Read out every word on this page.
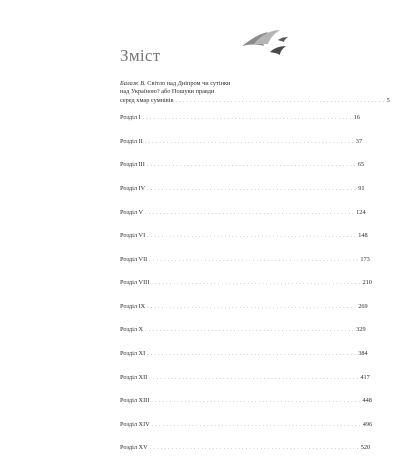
Зміст
Балаж В. Світло над Дніпром чи сутінки
над Україною? або Пошуки правди
серед хмар сумнівів . . .	5
Розділ І . . .	16
Розділ ІІ . . .	37
Розділ ІІІ . . .	65
Розділ IV . . .	91
Розділ V . . .	124
Розділ VI . . .	148
Розділ VII . . .	173
Розділ VIII . . .	210
Розділ IX . . .	269
Розділ X . . .	329
Розділ XI . . .	384
Розділ XII . . .	417
Розділ XIII . . .	448
Розділ XIV . . .	496
Розділ XV . . .	520
